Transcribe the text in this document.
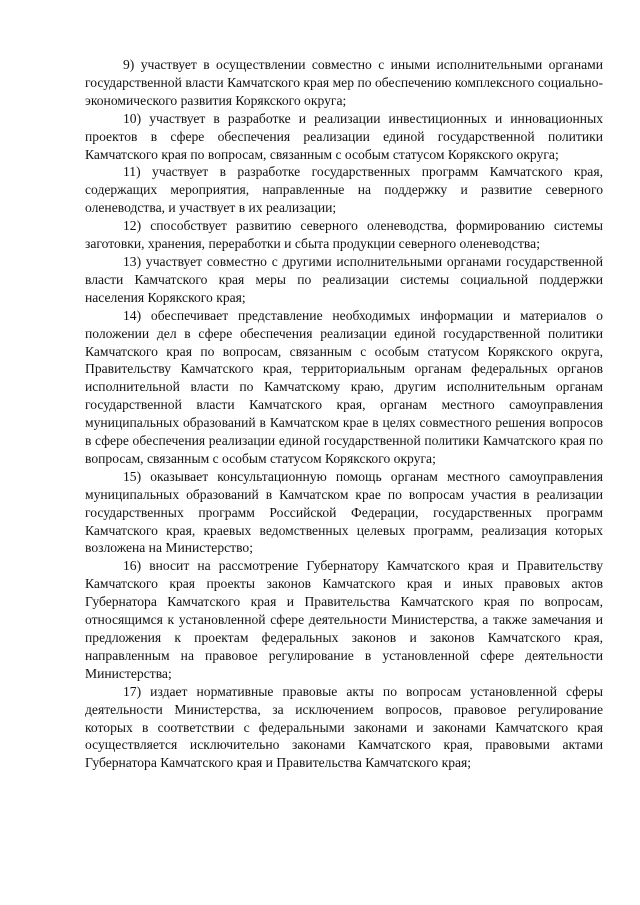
9) участвует в осуществлении совместно с иными исполнительными органами государственной власти Камчатского края мер по обеспечению комплексного социально-экономического развития Корякского округа;

10) участвует в разработке и реализации инвестиционных и инновационных проектов в сфере обеспечения реализации единой государственной политики Камчатского края по вопросам, связанным с особым статусом Корякского округа;

11) участвует в разработке государственных программ Камчатского края, содержащих мероприятия, направленные на поддержку и развитие северного оленеводства, и участвует в их реализации;

12) способствует развитию северного оленеводства, формированию системы заготовки, хранения, переработки и сбыта продукции северного оленеводства;

13) участвует совместно с другими исполнительными органами государственной власти Камчатского края меры по реализации системы социальной поддержки населения Корякского края;

14) обеспечивает представление необходимых информации и материалов о положении дел в сфере обеспечения реализации единой государственной политики Камчатского края по вопросам, связанным с особым статусом Корякского округа, Правительству Камчатского края, территориальным органам федеральных органов исполнительной власти по Камчатскому краю, другим исполнительным органам государственной власти Камчатского края, органам местного самоуправления муниципальных образований в Камчатском крае в целях совместного решения вопросов в сфере обеспечения реализации единой государственной политики Камчатского края по вопросам, связанным с особым статусом Корякского округа;

15) оказывает консультационную помощь органам местного самоуправления муниципальных образований в Камчатском крае по вопросам участия в реализации государственных программ Российской Федерации, государственных программ Камчатского края, краевых ведомственных целевых программ, реализация которых возложена на Министерство;

16) вносит на рассмотрение Губернатору Камчатского края и Правительству Камчатского края проекты законов Камчатского края и иных правовых актов Губернатора Камчатского края и Правительства Камчатского края по вопросам, относящимся к установленной сфере деятельности Министерства, а также замечания и предложения к проектам федеральных законов и законов Камчатского края, направленным на правовое регулирование в установленной сфере деятельности Министерства;

17) издает нормативные правовые акты по вопросам установленной сферы деятельности Министерства, за исключением вопросов, правовое регулирование которых в соответствии с федеральными законами и законами Камчатского края осуществляется исключительно законами Камчатского края, правовыми актами Губернатора Камчатского края и Правительства Камчатского края;
